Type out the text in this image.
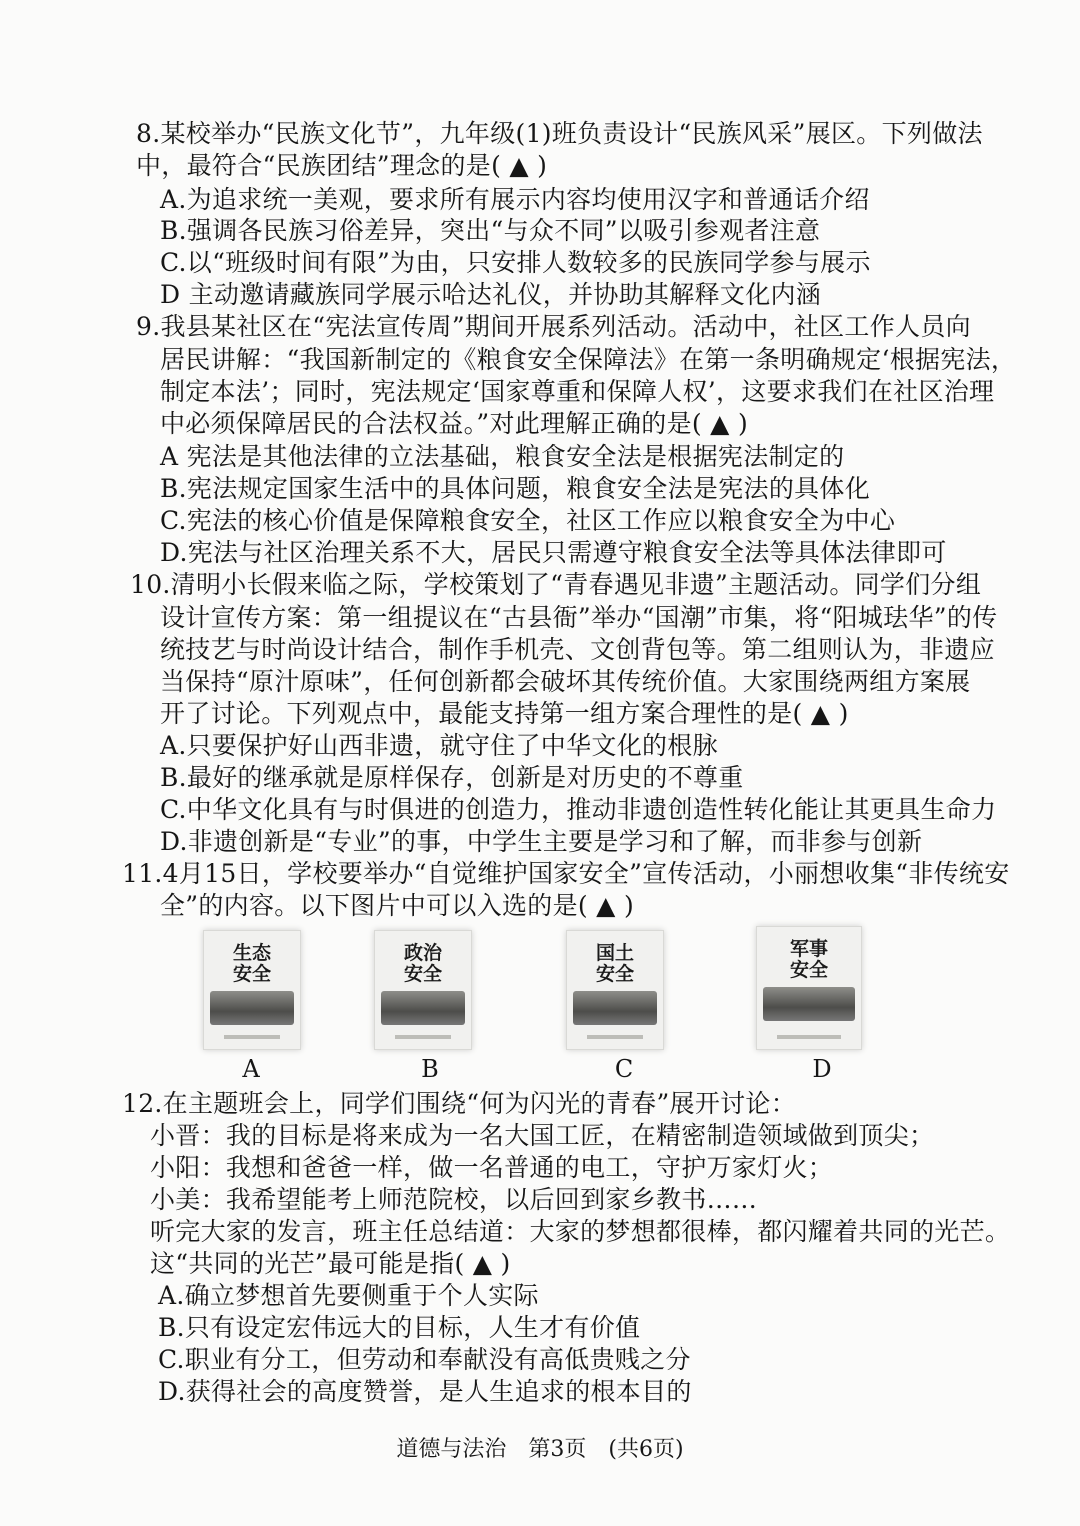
8.某校举办“民族文化节”，九年级(1)班负责设计“民族风采”展区。下列做法
中，最符合“民族团结”理念的是( ▲ )
A.为追求统一美观，要求所有展示内容均使用汉字和普通话介绍
B.强调各民族习俗差异，突出“与众不同”以吸引参观者注意
C.以“班级时间有限”为由，只安排人数较多的民族同学参与展示
D 主动邀请藏族同学展示哈达礼仪，并协助其解释文化内涵
9.我县某社区在“宪法宣传周”期间开展系列活动。活动中，社区工作人员向
居民讲解：“我国新制定的《粮食安全保障法》在第一条明确规定‘根据宪法，
制定本法’；同时，宪法规定‘国家尊重和保障人权’，这要求我们在社区治理
中必须保障居民的合法权益。”对此理解正确的是( ▲ )
A 宪法是其他法律的立法基础，粮食安全法是根据宪法制定的
B.宪法规定国家生活中的具体问题，粮食安全法是宪法的具体化
C.宪法的核心价值是保障粮食安全，社区工作应以粮食安全为中心
D.宪法与社区治理关系不大，居民只需遵守粮食安全法等具体法律即可
10.清明小长假来临之际，学校策划了“青春遇见非遗”主题活动。同学们分组
设计宣传方案：第一组提议在“古县衙”举办“国潮”市集，将“阳城珐华”的传
统技艺与时尚设计结合，制作手机壳、文创背包等。第二组则认为，非遗应
当保持“原汁原味”，任何创新都会破坏其传统价值。大家围绕两组方案展
开了讨论。下列观点中，最能支持第一组方案合理性的是( ▲ )
A.只要保护好山西非遗，就守住了中华文化的根脉
B.最好的继承就是原样保存，创新是对历史的不尊重
C.中华文化具有与时俱进的创造力，推动非遗创造性转化能让其更具生命力
D.非遗创新是“专业”的事，中学生主要是学习和了解，而非参与创新
11.4月15日，学校要举办“自觉维护国家安全”宣传活动，小丽想收集“非传统安
全”的内容。以下图片中可以入选的是( ▲ )
生态
安全
A
政治
安全
B
国土
安全
C
军事
安全
D
12.在主题班会上，同学们围绕“何为闪光的青春”展开讨论：
小晋：我的目标是将来成为一名大国工匠，在精密制造领域做到顶尖；
小阳：我想和爸爸一样，做一名普通的电工，守护万家灯火；
小美：我希望能考上师范院校，以后回到家乡教书……
听完大家的发言，班主任总结道：大家的梦想都很棒，都闪耀着共同的光芒。
这“共同的光芒”最可能是指( ▲ )
A.确立梦想首先要侧重于个人实际
B.只有设定宏伟远大的目标，人生才有价值
C.职业有分工，但劳动和奉献没有高低贵贱之分
D.获得社会的高度赞誉，是人生追求的根本目的
道德与法治　第3页　(共6页)
